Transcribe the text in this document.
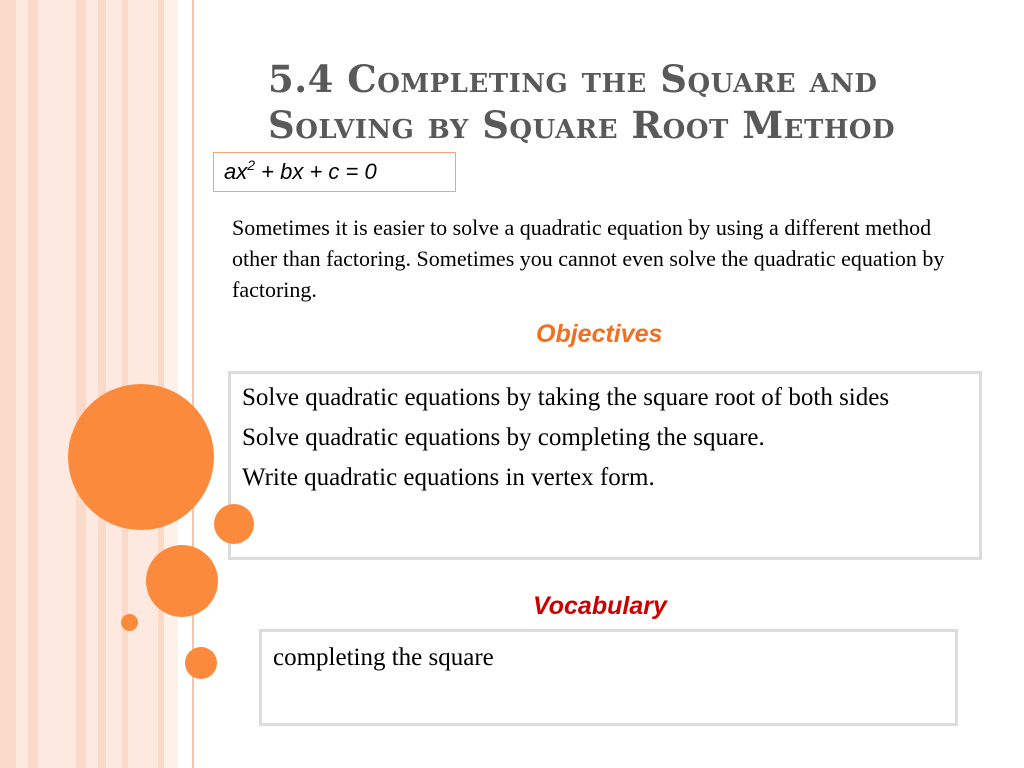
5.4 Completing the Square and
Solving by Square Root Method
$ax^2$ + bx + c = 0

Sometimes it is easier to solve a quadratic equation by using a different method other than factoring. Sometimes you cannot even solve the quadratic equation by factoring.

Objectives

Solve quadratic equations by taking the square root of both sides

Solve quadratic equations by completing the square.

Write quadratic equations in vertex form.

Vocabulary

completing the square
